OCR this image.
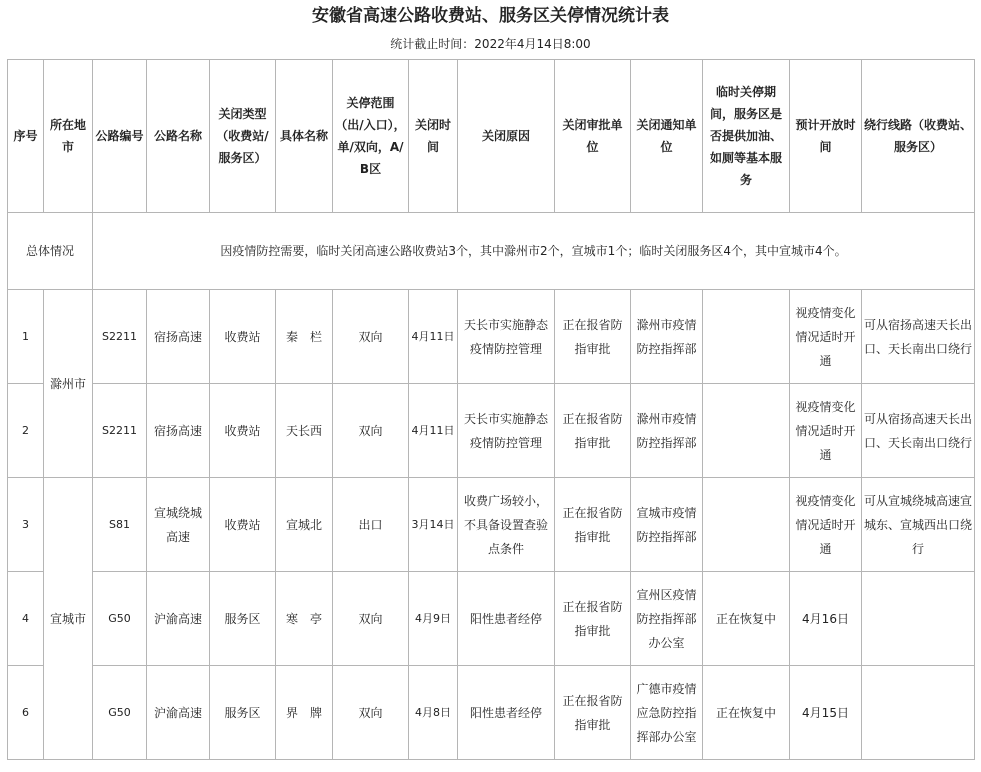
安徽省高速公路收费站、服务区关停情况统计表
统计截止时间：2022年4月14日8:00
序号	所在地市	公路编号	公路名称	关闭类型（收费站/服务区）	具体名称	关停范围（出/入口），单/双向，A/B区	关闭时间	关闭原因	关闭审批单　位	关闭通知单　位	临时关停期间，服务区是否提供加油、如厕等基本服务	预计开放时　间	绕行线路（收费站、服务区）
总体情况		因疫情防控需要，临时关闭高速公路收费站3个，其中滁州市2个，宣城市1个；临时关闭服务区4个，其中宣城市4个。											
1	滁州市	S2211	宿扬高速	收费站	秦　栏	双向	4月11日	天长市实施静态疫情防控管理	正在报省防指审批	滁州市疫情防控指挥部		视疫情变化情况适时开通	可从宿扬高速天长出口、天长南出口绕行
2		S2211	宿扬高速	收费站	天长西	双向	4月11日	天长市实施静态疫情防控管理	正在报省防指审批	滁州市疫情防控指挥部		视疫情变化情况适时开通	可从宿扬高速天长出口、天长南出口绕行
3	宣城市	S81	宣城绕城高速	收费站	宣城北	出口	3月14日	收费广场较小，不具备设置查验点条件	正在报省防指审批	宣城市疫情防控指挥部		视疫情变化情况适时开通	可从宣城绕城高速宣城东、宣城西出口绕行
4		G50	沪渝高速	服务区	寒　亭	双向	4月9日	阳性患者经停	正在报省防指审批	宣州区疫情防控指挥部办公室	正在恢复中	4月16日	
6		G50	沪渝高速	服务区	界　牌	双向	4月8日	阳性患者经停	正在报省防指审批	广德市疫情应急防控指挥部办公室	正在恢复中	4月15日	
